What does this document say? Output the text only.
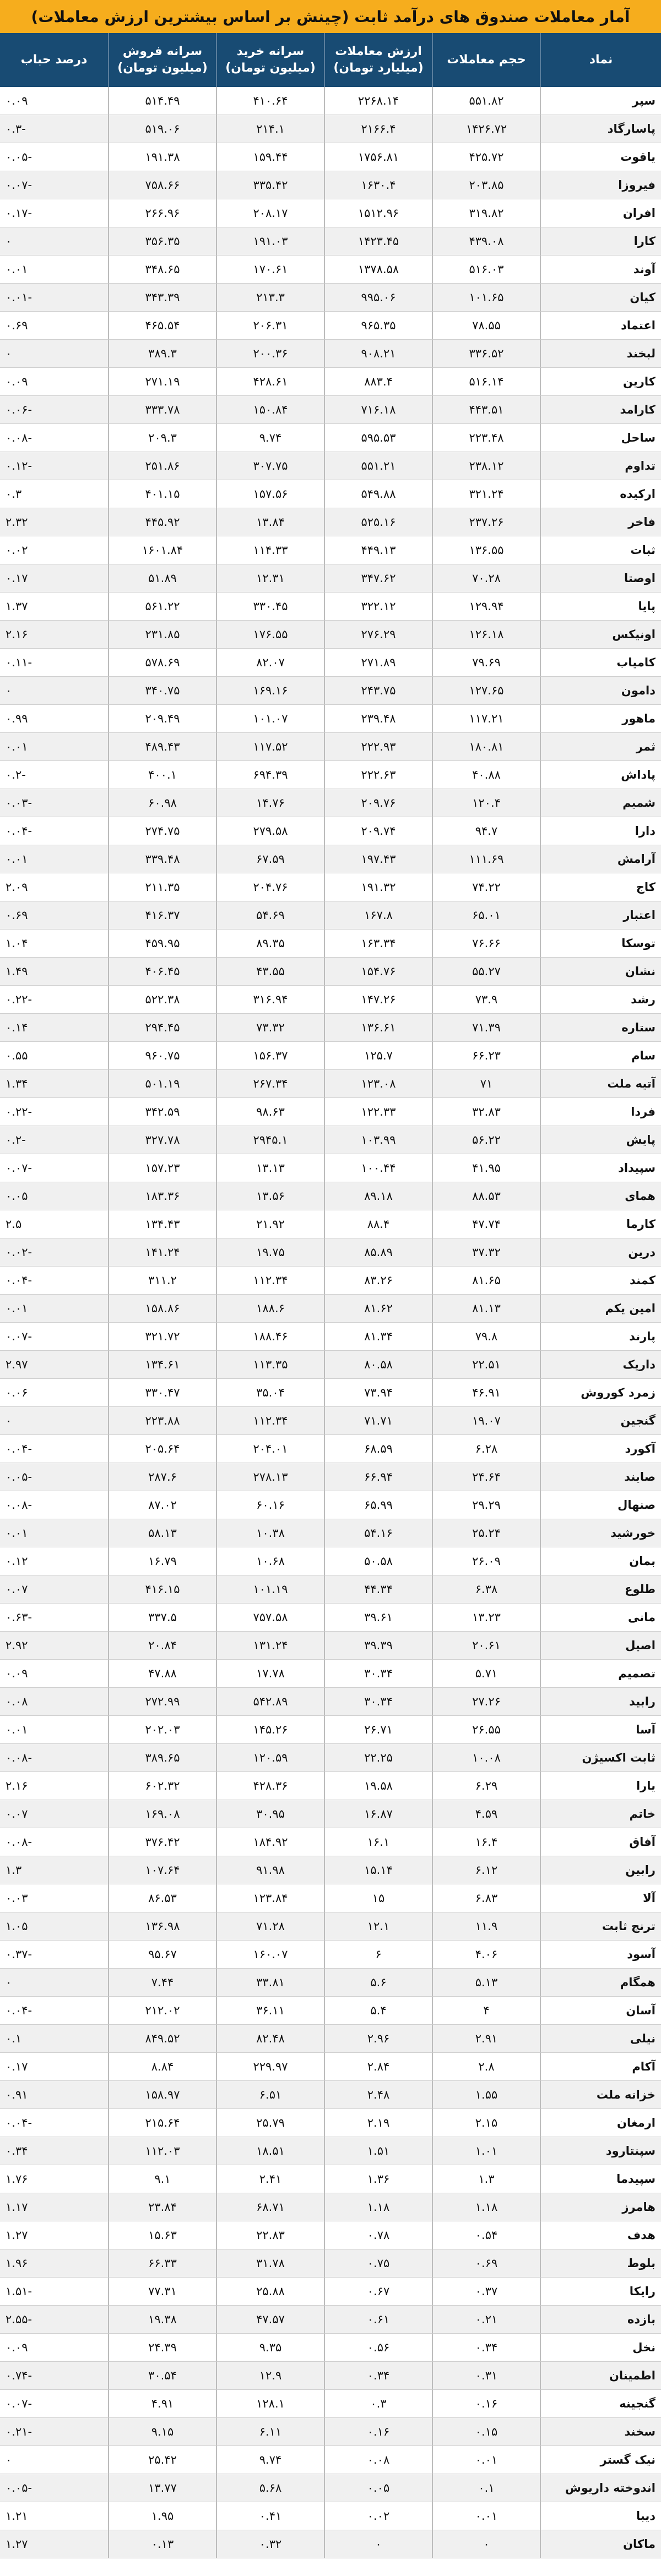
آمار معاملات صندوق های درآمد ثابت (چینش بر اساس بیشترین ارزش معاملات)
نماد
حجم معاملات
ارزش معاملات (میلیارد تومان)
سرانه خرید (میلیون تومان)
سرانه فروش (میلیون تومان)
درصد حباب
سپر
۵۵۱.۸۲
۲۲۶۸.۱۴
۴۱۰.۶۴
۵۱۴.۴۹
۰.۰۹
پاسارگاد
۱۴۲۶.۷۲
۲۱۶۶.۴
۲۱۴.۱
۵۱۹.۰۶
-۰.۳
یاقوت
۴۲۵.۷۲
۱۷۵۶.۸۱
۱۵۹.۴۴
۱۹۱.۳۸
-۰.۰۵
فیروزا
۲۰۳.۸۵
۱۶۳۰.۴
۳۳۵.۴۲
۷۵۸.۶۶
-۰.۰۷
افران
۳۱۹.۸۲
۱۵۱۲.۹۶
۲۰۸.۱۷
۲۶۶.۹۶
-۰.۱۷
کارا
۴۳۹.۰۸
۱۴۲۳.۴۵
۱۹۱.۰۳
۳۵۶.۳۵
۰
آوند
۵۱۶.۰۳
۱۳۷۸.۵۸
۱۷۰.۶۱
۳۴۸.۶۵
۰.۰۱
کیان
۱۰۱.۶۵
۹۹۵.۰۶
۲۱۳.۳
۳۴۳.۳۹
-۰.۰۱
اعتماد
۷۸.۵۵
۹۶۵.۳۵
۲۰۶.۳۱
۴۶۵.۵۴
۰.۶۹
لبخند
۳۳۶.۵۲
۹۰۸.۲۱
۲۰۰.۳۶
۳۸۹.۳
۰
کارین
۵۱۶.۱۴
۸۸۳.۴
۴۲۸.۶۱
۲۷۱.۱۹
۰.۰۹
کارامد
۴۴۳.۵۱
۷۱۶.۱۸
۱۵۰.۸۴
۳۳۳.۷۸
-۰.۰۶
ساحل
۲۲۳.۴۸
۵۹۵.۵۳
۹.۷۴
۲۰۹.۳
-۰.۰۸
تداوم
۲۳۸.۱۲
۵۵۱.۲۱
۳۰۷.۷۵
۲۵۱.۸۶
-۰.۱۲
ارکیده
۳۲۱.۲۴
۵۴۹.۸۸
۱۵۷.۵۶
۴۰۱.۱۵
۰.۳
فاخر
۲۳۷.۲۶
۵۲۵.۱۶
۱۳.۸۴
۴۴۵.۹۲
۲.۳۲
ثبات
۱۳۶.۵۵
۴۴۹.۱۳
۱۱۴.۳۳
۱۶۰۱.۸۴
۰.۰۲
اوصتا
۷۰.۲۸
۳۴۷.۶۲
۱۲.۳۱
۵۱.۸۹
۰.۱۷
پایا
۱۲۹.۹۴
۳۲۲.۱۲
۳۳۰.۴۵
۵۶۱.۲۲
۱.۳۷
اونیکس
۱۲۶.۱۸
۲۷۶.۲۹
۱۷۶.۵۵
۲۳۱.۸۵
۲.۱۶
کامیاب
۷۹.۶۹
۲۷۱.۸۹
۸۲.۰۷
۵۷۸.۶۹
-۰.۱۱
دامون
۱۲۷.۶۵
۲۴۳.۷۵
۱۶۹.۱۶
۳۴۰.۷۵
۰
ماهور
۱۱۷.۲۱
۲۳۹.۴۸
۱۰۱.۰۷
۲۰۹.۴۹
۰.۹۹
ثمر
۱۸۰.۸۱
۲۲۲.۹۳
۱۱۷.۵۲
۴۸۹.۴۳
۰.۰۱
پاداش
۴۰.۸۸
۲۲۲.۶۳
۶۹۴.۳۹
۴۰۰.۱
-۰.۲
شمیم
۱۲۰.۴
۲۰۹.۷۶
۱۴.۷۶
۶۰.۹۸
-۰.۰۳
دارا
۹۴.۷
۲۰۹.۷۴
۲۷۹.۵۸
۲۷۴.۷۵
-۰.۰۴
آرامش
۱۱۱.۶۹
۱۹۷.۴۳
۶۷.۵۹
۳۳۹.۴۸
۰.۰۱
کاج
۷۴.۲۲
۱۹۱.۳۲
۲۰۴.۷۶
۲۱۱.۳۵
۲.۰۹
اعتبار
۶۵.۰۱
۱۶۷.۸
۵۴.۶۹
۴۱۶.۳۷
۰.۶۹
توسکا
۷۶.۶۶
۱۶۳.۳۴
۸۹.۳۵
۴۵۹.۹۵
۱.۰۴
نشان
۵۵.۲۷
۱۵۴.۷۶
۴۳.۵۵
۴۰۶.۴۵
۱.۴۹
رشد
۷۳.۹
۱۴۷.۲۶
۳۱۶.۹۴
۵۲۲.۳۸
-۰.۲۲
ستاره
۷۱.۳۹
۱۳۶.۶۱
۷۳.۳۲
۲۹۴.۴۵
۰.۱۴
سام
۶۶.۲۳
۱۲۵.۷
۱۵۶.۳۷
۹۶۰.۷۵
۰.۵۵
آتیه ملت
۷۱
۱۲۳.۰۸
۲۶۷.۳۴
۵۰۱.۱۹
۱.۳۴
فردا
۳۲.۸۳
۱۲۲.۳۳
۹۸.۶۳
۳۴۲.۵۹
-۰.۲۲
پایش
۵۶.۲۲
۱۰۳.۹۹
۲۹۴۵.۱
۳۲۷.۷۸
-۰.۲
سپیداد
۴۱.۹۵
۱۰۰.۴۴
۱۳.۱۳
۱۵۷.۲۳
-۰.۰۷
همای
۸۸.۵۳
۸۹.۱۸
۱۳.۵۶
۱۸۳.۳۶
۰.۰۵
کارما
۴۷.۷۴
۸۸.۴
۲۱.۹۲
۱۳۴.۴۳
۲.۵
درین
۳۷.۳۲
۸۵.۸۹
۱۹.۷۵
۱۴۱.۲۴
-۰.۰۲
کمند
۸۱.۶۵
۸۳.۲۶
۱۱۲.۳۴
۳۱۱.۲
-۰.۰۴
امین یکم
۸۱.۱۳
۸۱.۶۲
۱۸۸.۶
۱۵۸.۸۶
۰.۰۱
پارند
۷۹.۸
۸۱.۳۴
۱۸۸.۴۶
۳۲۱.۷۲
-۰.۰۷
داریک
۲۲.۵۱
۸۰.۵۸
۱۱۳.۳۵
۱۳۴.۶۱
۲.۹۷
زمرد کوروش
۴۶.۹۱
۷۳.۹۴
۳۵.۰۴
۳۳۰.۴۷
۰.۰۶
گنجین
۱۹.۰۷
۷۱.۷۱
۱۱۲.۳۴
۲۲۳.۸۸
۰
آکورد
۶.۲۸
۶۸.۵۹
۲۰۴.۰۱
۲۰۵.۶۴
-۰.۰۴
صایند
۲۴.۶۴
۶۶.۹۴
۲۷۸.۱۳
۲۸۷.۶
-۰.۰۵
صنهال
۲۹.۲۹
۶۵.۹۹
۶۰.۱۶
۸۷.۰۲
-۰.۰۸
خورشید
۲۵.۲۴
۵۴.۱۶
۱۰.۳۸
۵۸.۱۳
۰.۰۱
بمان
۲۶.۰۹
۵۰.۵۸
۱۰.۶۸
۱۶.۷۹
۰.۱۲
طلوع
۶.۳۸
۴۴.۳۴
۱۰۱.۱۹
۴۱۶.۱۵
۰.۰۷
مانی
۱۳.۲۳
۳۹.۶۱
۷۵۷.۵۸
۳۳۷.۵
-۰.۶۳
اصیل
۲۰.۶۱
۳۹.۳۹
۱۳۱.۲۴
۲۰.۸۴
۲.۹۲
تصمیم
۵.۷۱
۳۰.۳۴
۱۷.۷۸
۴۷.۸۸
۰.۰۹
رابید
۲۷.۲۶
۳۰.۳۴
۵۴۲.۸۹
۲۷۲.۹۹
۰.۰۸
آسا
۲۶.۵۵
۲۶.۷۱
۱۴۵.۲۶
۲۰۲.۰۳
۰.۰۱
ثابت اکسیژن
۱۰.۰۸
۲۲.۲۵
۱۲۰.۵۹
۳۸۹.۶۵
-۰.۰۸
یارا
۶.۲۹
۱۹.۵۸
۴۲۸.۳۶
۶۰۲.۳۲
۲.۱۶
خاتم
۴.۵۹
۱۶.۸۷
۳۰.۹۵
۱۶۹.۰۸
۰.۰۷
آفاق
۱۶.۴
۱۶.۱
۱۸۴.۹۲
۳۷۶.۴۲
-۰.۰۸
رابین
۶.۱۲
۱۵.۱۴
۹۱.۹۸
۱۰۷.۶۴
۱.۳
آلا
۶.۸۳
۱۵
۱۲۳.۸۴
۸۶.۵۳
۰.۰۳
ترنج ثابت
۱۱.۹
۱۲.۱
۷۱.۲۸
۱۳۶.۹۸
۱.۰۵
آسود
۴.۰۶
۶
۱۶۰.۰۷
۹۵.۶۷
-۰.۳۷
همگام
۵.۱۳
۵.۶
۳۳.۸۱
۷.۴۴
۰
آسان
۴
۵.۴
۳۶.۱۱
۲۱۲.۰۲
-۰.۰۴
نیلی
۲.۹۱
۲.۹۶
۸۲.۴۸
۸۴۹.۵۲
۰.۱
آکام
۲.۸
۲.۸۴
۲۲۹.۹۷
۸.۸۴
۰.۱۷
خزانه ملت
۱.۵۵
۲.۴۸
۶.۵۱
۱۵۸.۹۷
۰.۹۱
ارمغان
۲.۱۵
۲.۱۹
۲۵.۷۹
۲۱۵.۶۴
-۰.۰۴
سپنتارود
۱.۰۱
۱.۵۱
۱۸.۵۱
۱۱۲.۰۳
۰.۳۴
سپیدما
۱.۳
۱.۳۶
۲.۴۱
۹.۱
۱.۷۶
هامرز
۱.۱۸
۱.۱۸
۶۸.۷۱
۲۳.۸۴
۱.۱۷
هدف
۰.۵۴
۰.۷۸
۲۲.۸۳
۱۵.۶۳
۱.۲۷
بلوط
۰.۶۹
۰.۷۵
۳۱.۷۸
۶۶.۳۳
۱.۹۶
رایکا
۰.۳۷
۰.۶۷
۲۵.۸۸
۷۷.۳۱
-۱.۵۱
بازده
۰.۲۱
۰.۶۱
۴۷.۵۷
۱۹.۳۸
-۲.۵۵
نخل
۰.۳۴
۰.۵۶
۹.۳۵
۲۴.۳۹
۰.۰۹
اطمینان
۰.۳۱
۰.۳۴
۱۲.۹
۳۰.۵۴
-۰.۷۴
گنجینه
۰.۱۶
۰.۳
۱۲۸.۱
۴.۹۱
-۰.۰۷
سخند
۰.۱۵
۰.۱۶
۶.۱۱
۹.۱۵
-۰.۲۱
نیک گستر
۰.۰۱
۰.۰۸
۹.۷۴
۲۵.۴۲
۰
اندوخته داریوش
۰.۱
۰.۰۵
۵.۶۸
۱۳.۷۷
-۰.۰۵
دیبا
۰.۰۱
۰.۰۲
۰.۴۱
۱.۹۵
۱.۲۱
ماکان
۰
۰
۰.۳۲
۰.۱۳
۱.۲۷
